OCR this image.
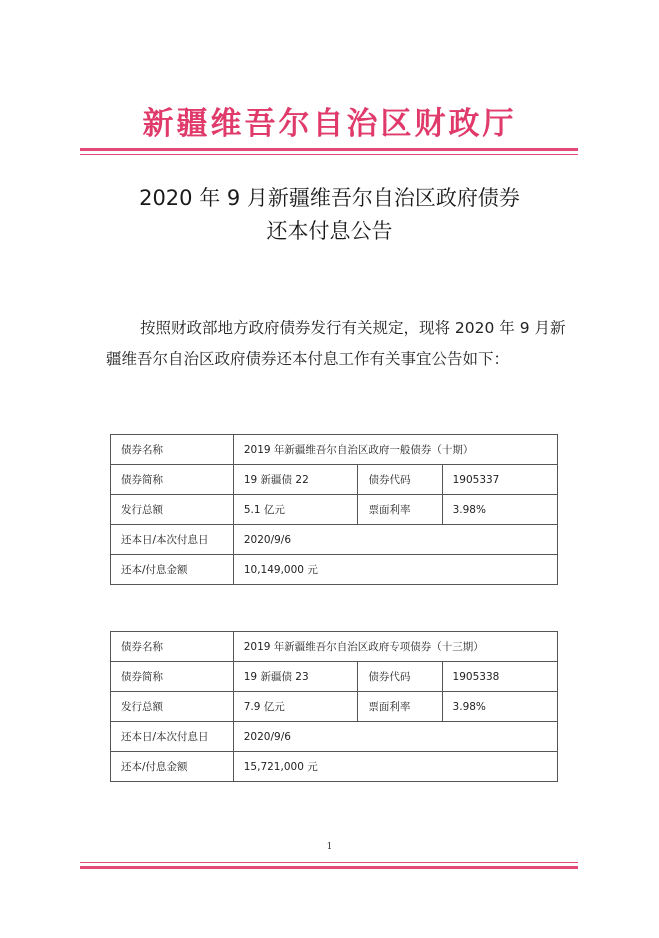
新疆维吾尔自治区财政厅
2020 年 9 月新疆维吾尔自治区政府债券
还本付息公告
按照财政部地方政府债券发行有关规定，现将 2020 年 9 月新疆维吾尔自治区政府债券还本付息工作有关事宜公告如下：
债券名称	2019 年新疆维吾尔自治区政府一般债券（十期）		
债券简称	19 新疆债 22	债券代码	1905337
发行总额	5.1 亿元	票面利率	3.98%
还本日/本次付息日	2020/9/6		
还本/付息金额	10,149,000 元		
债券名称	2019 年新疆维吾尔自治区政府专项债券（十三期）		
债券简称	19 新疆债 23	债券代码	1905338
发行总额	7.9 亿元	票面利率	3.98%
还本日/本次付息日	2020/9/6		
还本/付息金额	15,721,000 元		
1
